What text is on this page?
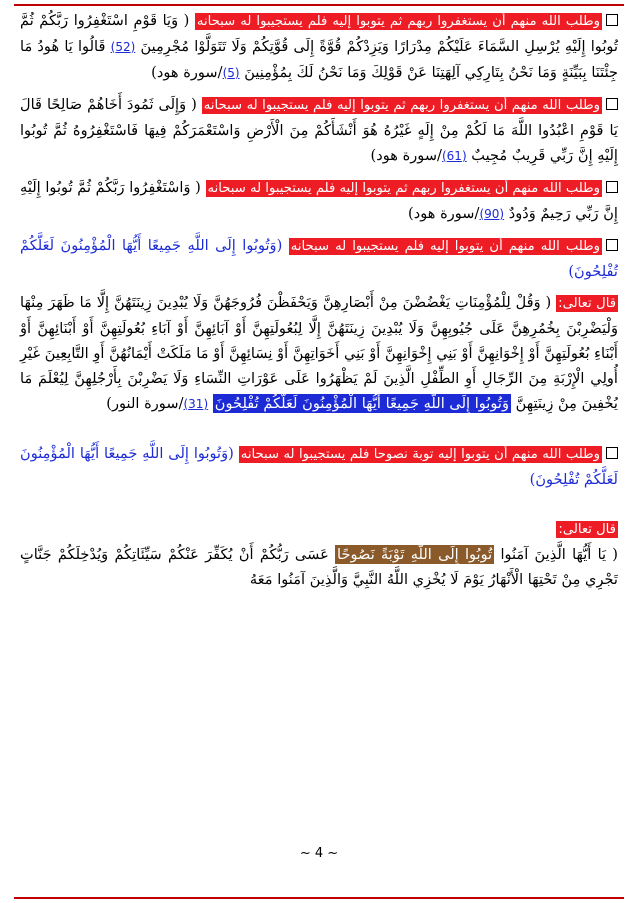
وطلب الله منهم أن يستغفروا ربهم ثم يتوبوا إليه فلم يستجيبوا له سبحانه ( وَيَا قَوْمِ اسْتَغْفِرُوا رَبَّكُمْ ثُمَّ تُوبُوا إِلَيْهِ يُرْسِلِ السَّمَاءَ عَلَيْكُمْ مِدْرَارًا وَيَزِدْكُمْ قُوَّةً إِلَى قُوَّتِكُمْ وَلَا تَتَوَلَّوْا مُجْرِمِينَ (52) قَالُوا يَا هُودُ مَا جِئْتَنَا بِبَيِّنَةٍ وَمَا نَحْنُ بِتَارِكِي آلِهَتِنَا عَنْ قَوْلِكَ وَمَا نَحْنُ لَكَ بِمُؤْمِنِينَ (5)/سورة هود)

وطلب الله منهم أن يستغفروا ربهم ثم يتوبوا إليه فلم يستجيبوا له سبحانه ( وَإِلَى ثَمُودَ أَخَاهُمْ صَالِحًا قَالَ يَا قَوْمِ اعْبُدُوا اللَّهَ مَا لَكُمْ مِنْ إِلَهٍ غَيْرُهُ هُوَ أَنْشَأَكُمْ مِنَ الْأَرْضِ وَاسْتَعْمَرَكُمْ فِيهَا فَاسْتَغْفِرُوهُ ثُمَّ تُوبُوا إِلَيْهِ إِنَّ رَبِّي قَرِيبٌ مُجِيبٌ (61)/سورة هود)

وطلب الله منهم أن يستغفروا ربهم ثم يتوبوا إليه فلم يستجيبوا له سبحانه ( وَاسْتَغْفِرُوا رَبَّكُمْ ثُمَّ تُوبُوا إِلَيْهِ إِنَّ رَبِّي رَحِيمٌ وَدُودٌ (90)/سورة هود)

وطلب الله منهم أن يتوبوا إليه فلم يستجيبوا له سبحانه (وَتُوبُوا إِلَى اللَّهِ جَمِيعًا أَيُّهَا الْمُؤْمِنُونَ لَعَلَّكُمْ تُفْلِحُونَ)

قال تعالى: ( وَقُلْ لِلْمُؤْمِنَاتِ يَغْضُضْنَ مِنْ أَبْصَارِهِنَّ وَيَحْفَظْنَ فُرُوجَهُنَّ وَلَا يُبْدِينَ زِينَتَهُنَّ إِلَّا مَا ظَهَرَ مِنْهَا وَلْيَضْرِبْنَ بِخُمُرِهِنَّ عَلَى جُيُوبِهِنَّ وَلَا يُبْدِينَ زِينَتَهُنَّ إِلَّا لِبُعُولَتِهِنَّ أَوْ آبَائِهِنَّ أَوْ آبَاءِ بُعُولَتِهِنَّ أَوْ أَبْنَائِهِنَّ أَوْ أَبْنَاءِ بُعُولَتِهِنَّ أَوْ إِخْوَانِهِنَّ أَوْ بَنِي إِخْوَانِهِنَّ أَوْ بَنِي أَخَوَاتِهِنَّ أَوْ نِسَائِهِنَّ أَوْ مَا مَلَكَتْ أَيْمَانُهُنَّ أَوِ التَّابِعِينَ غَيْرِ أُولِي الْإِرْبَةِ مِنَ الرِّجَالِ أَوِ الطِّفْلِ الَّذِينَ لَمْ يَظْهَرُوا عَلَى عَوْرَاتِ النِّسَاءِ وَلَا يَضْرِبْنَ بِأَرْجُلِهِنَّ لِيُعْلَمَ مَا يُخْفِينَ مِنْ زِينَتِهِنَّ وَتُوبُوا إِلَى اللَّهِ جَمِيعًا أَيُّهَا الْمُؤْمِنُونَ لَعَلَّكُمْ تُفْلِحُونَ (31)/سورة النور)

وطلب الله منهم أن يتوبوا إليه توبة نصوحا فلم يستجيبوا له سبحانه (وَتُوبُوا إِلَى اللَّهِ جَمِيعًا أَيُّهَا الْمُؤْمِنُونَ لَعَلَّكُمْ تُفْلِحُونَ)

قال تعالى:
( يَا أَيُّهَا الَّذِينَ آمَنُوا تُوبُوا إِلَى اللَّهِ تَوْبَةً نَصُوحًا عَسَى رَبُّكُمْ أَنْ يُكَفِّرَ عَنْكُمْ سَيِّئَاتِكُمْ وَيُدْخِلَكُمْ جَنَّاتٍ تَجْرِي مِنْ تَحْتِهَا الْأَنْهَارُ يَوْمَ لَا يُخْزِي اللَّهُ النَّبِيَّ وَالَّذِينَ آمَنُوا مَعَهُ

~ 4 ~
